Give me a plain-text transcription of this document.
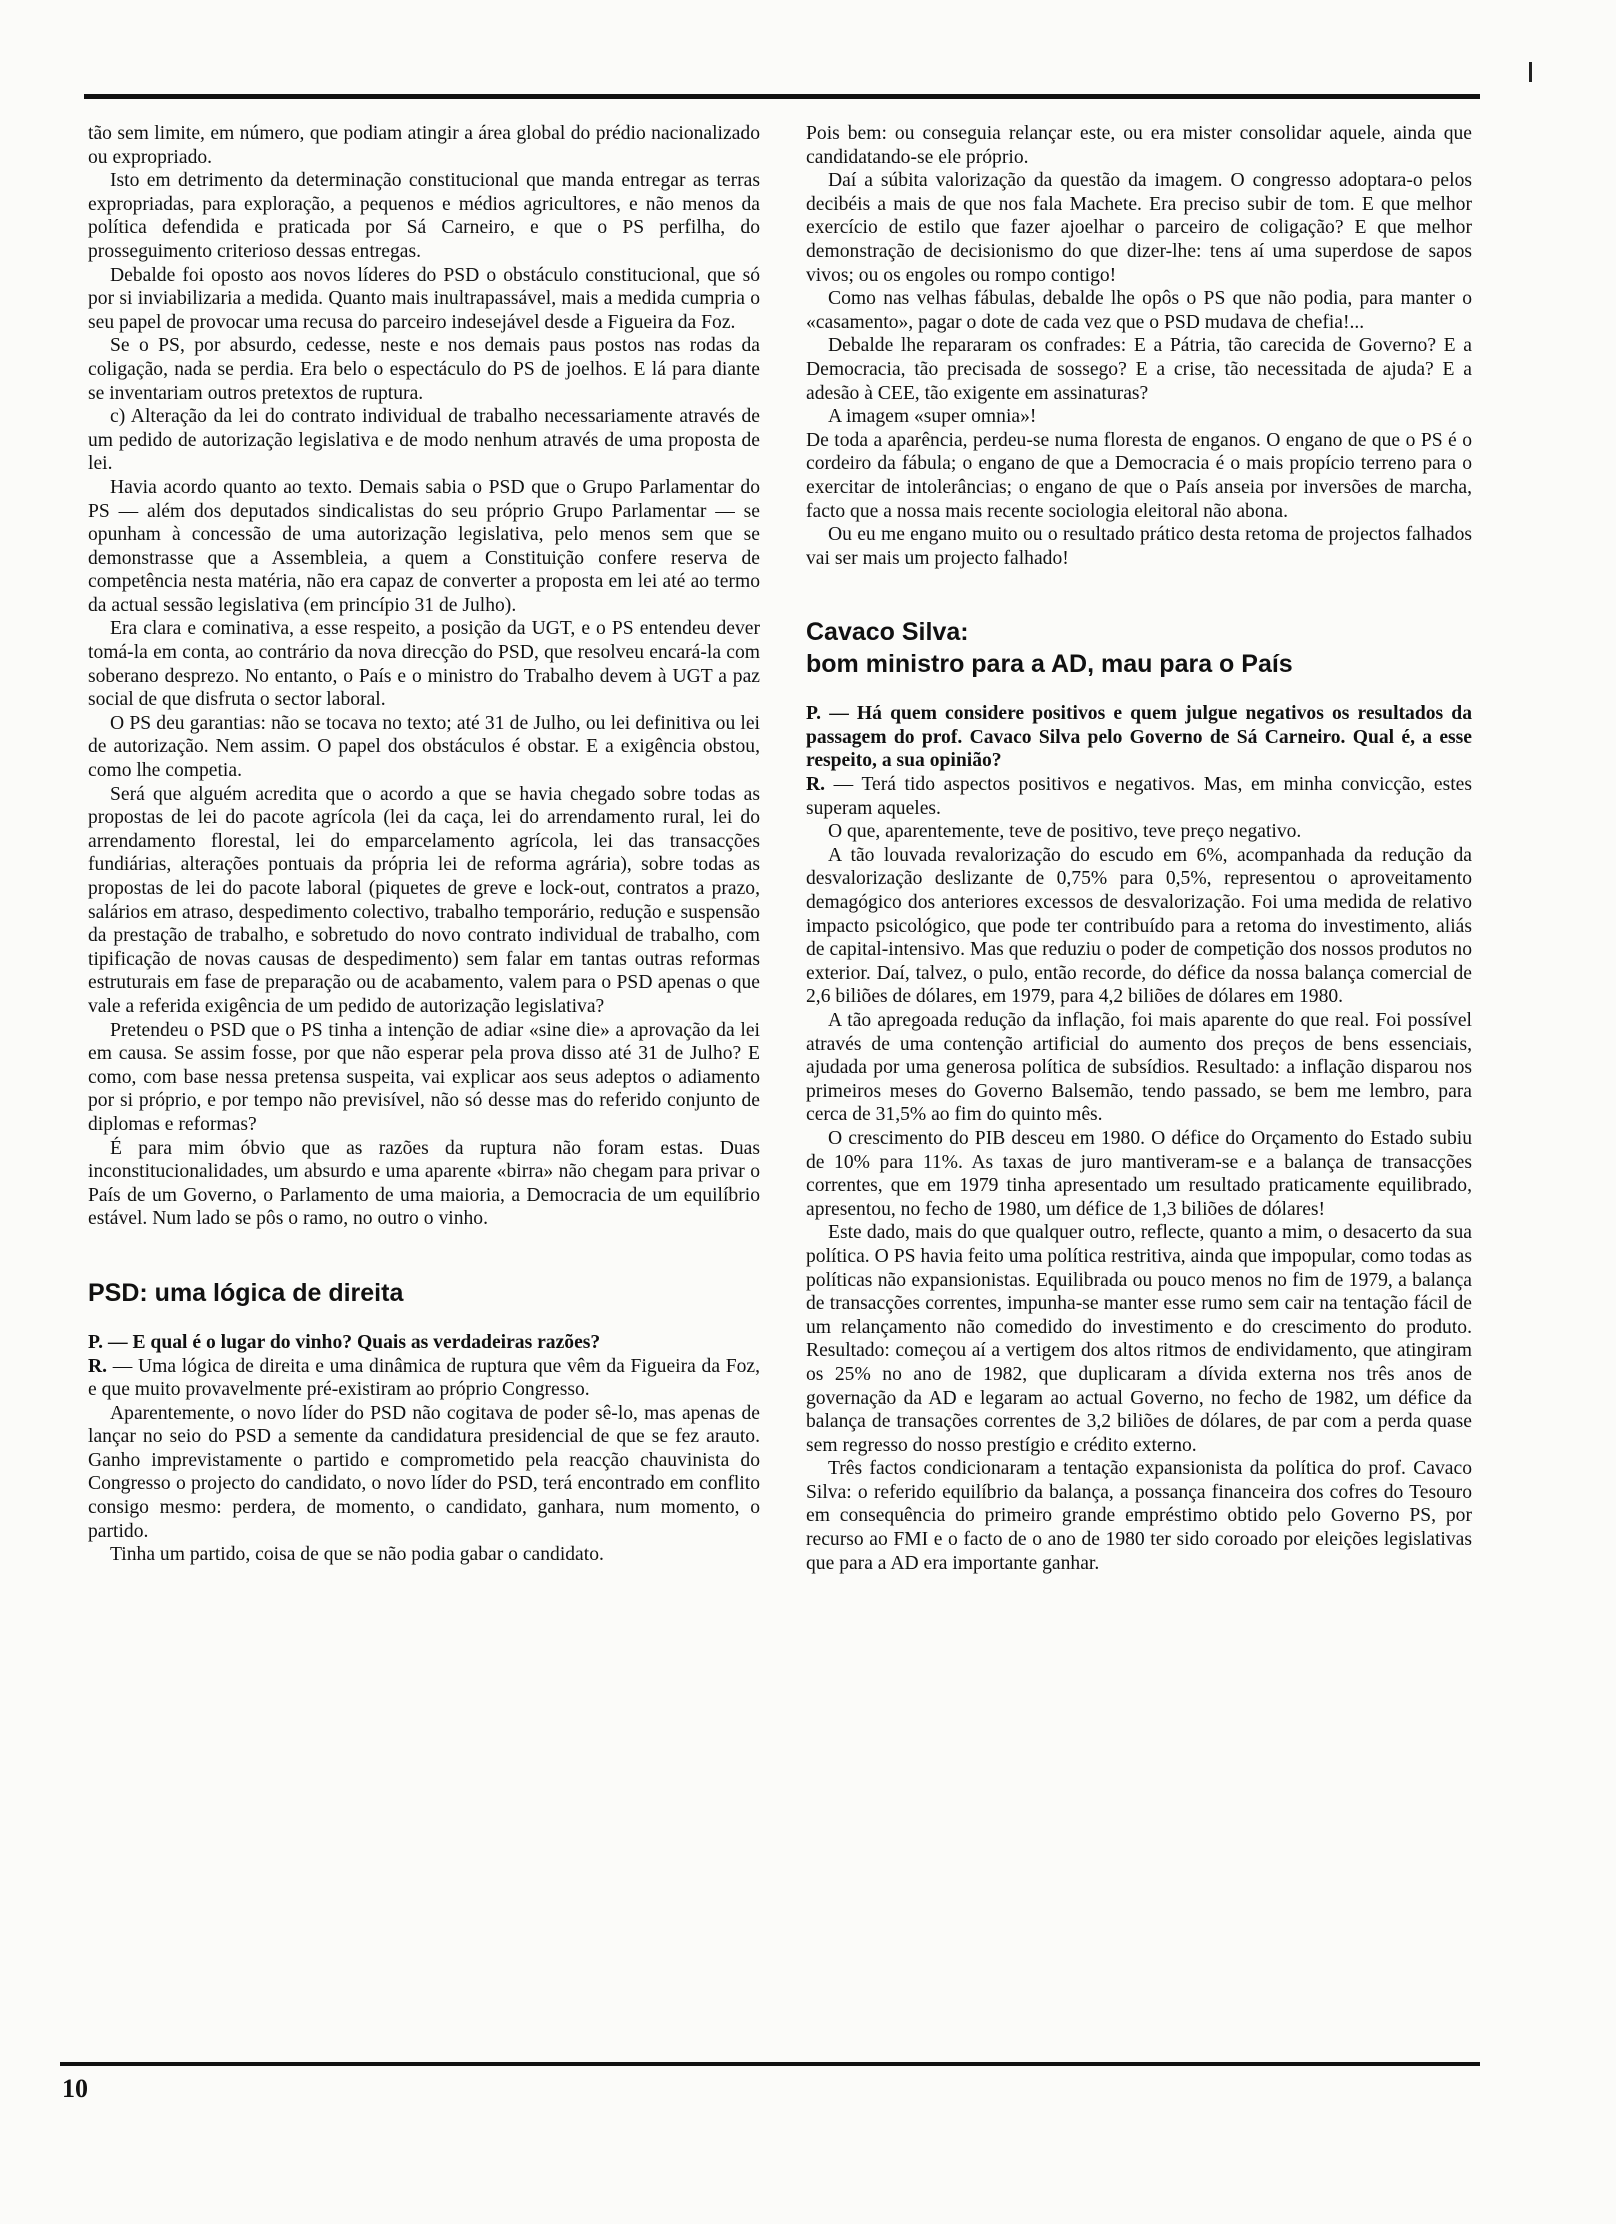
tão sem limite, em número, que podiam atingir a área global do prédio nacionalizado ou expropriado.

Isto em detrimento da determinação constitucional que manda entregar as terras expropriadas, para exploração, a pequenos e médios agricultores, e não menos da política defendida e praticada por Sá Carneiro, e que o PS perfilha, do prosseguimento criterioso dessas entregas.

Debalde foi oposto aos novos líderes do PSD o obstáculo constitucional, que só por si inviabilizaria a medida. Quanto mais inultrapassável, mais a medida cumpria o seu papel de provocar uma recusa do parceiro indesejável desde a Figueira da Foz.

Se o PS, por absurdo, cedesse, neste e nos demais paus postos nas rodas da coligação, nada se perdia. Era belo o espectáculo do PS de joelhos. E lá para diante se inventariam outros pretextos de ruptura.

c) Alteração da lei do contrato individual de trabalho necessariamente através de um pedido de autorização legislativa e de modo nenhum através de uma proposta de lei.

Havia acordo quanto ao texto. Demais sabia o PSD que o Grupo Parlamentar do PS — além dos deputados sindicalistas do seu próprio Grupo Parlamentar — se opunham à concessão de uma autorização legislativa, pelo menos sem que se demonstrasse que a Assembleia, a quem a Constituição confere reserva de competência nesta matéria, não era capaz de converter a proposta em lei até ao termo da actual sessão legislativa (em princípio 31 de Julho).

Era clara e cominativa, a esse respeito, a posição da UGT, e o PS entendeu dever tomá-la em conta, ao contrário da nova direcção do PSD, que resolveu encará-la com soberano desprezo. No entanto, o País e o ministro do Trabalho devem à UGT a paz social de que disfruta o sector laboral.

O PS deu garantias: não se tocava no texto; até 31 de Julho, ou lei definitiva ou lei de autorização. Nem assim. O papel dos obstáculos é obstar. E a exigência obstou, como lhe competia.

Será que alguém acredita que o acordo a que se havia chegado sobre todas as propostas de lei do pacote agrícola (lei da caça, lei do arrendamento rural, lei do arrendamento florestal, lei do emparcelamento agrícola, lei das transacções fundiárias, alterações pontuais da própria lei de reforma agrária), sobre todas as propostas de lei do pacote laboral (piquetes de greve e lock-out, contratos a prazo, salários em atraso, despedimento colectivo, trabalho temporário, redução e suspensão da prestação de trabalho, e sobretudo do novo contrato individual de trabalho, com tipificação de novas causas de despedimento) sem falar em tantas outras reformas estruturais em fase de preparação ou de acabamento, valem para o PSD apenas o que vale a referida exigência de um pedido de autorização legislativa?

Pretendeu o PSD que o PS tinha a intenção de adiar «sine die» a aprovação da lei em causa. Se assim fosse, por que não esperar pela prova disso até 31 de Julho? E como, com base nessa pretensa suspeita, vai explicar aos seus adeptos o adiamento por si próprio, e por tempo não previsível, não só desse mas do referido conjunto de diplomas e reformas?

É para mim óbvio que as razões da ruptura não foram estas. Duas inconstitucionalidades, um absurdo e uma aparente «birra» não chegam para privar o País de um Governo, o Parlamento de uma maioria, a Democracia de um equilíbrio estável. Num lado se pôs o ramo, no outro o vinho.

PSD: uma lógica de direita

P. — E qual é o lugar do vinho? Quais as verdadeiras razões?

R. — Uma lógica de direita e uma dinâmica de ruptura que vêm da Figueira da Foz, e que muito provavelmente pré-existiram ao próprio Congresso.

Aparentemente, o novo líder do PSD não cogitava de poder sê-lo, mas apenas de lançar no seio do PSD a semente da candidatura presidencial de que se fez arauto. Ganho imprevistamente o partido e comprometido pela reacção chauvinista do Congresso o projecto do candidato, o novo líder do PSD, terá encontrado em conflito consigo mesmo: perdera, de momento, o candidato, ganhara, num momento, o partido.

Tinha um partido, coisa de que se não podia gabar o candidato.

Pois bem: ou conseguia relançar este, ou era mister consolidar aquele, ainda que candidatando-se ele próprio.

Daí a súbita valorização da questão da imagem. O congresso adoptara-o pelos decibéis a mais de que nos fala Machete. Era preciso subir de tom. E que melhor exercício de estilo que fazer ajoelhar o parceiro de coligação? E que melhor demonstração de decisionismo do que dizer-lhe: tens aí uma superdose de sapos vivos; ou os engoles ou rompo contigo!

Como nas velhas fábulas, debalde lhe opôs o PS que não podia, para manter o «casamento», pagar o dote de cada vez que o PSD mudava de chefia!...

Debalde lhe repararam os confrades: E a Pátria, tão carecida de Governo? E a Democracia, tão precisada de sossego? E a crise, tão necessitada de ajuda? E a adesão à CEE, tão exigente em assinaturas?

A imagem «super omnia»!

De toda a aparência, perdeu-se numa floresta de enganos. O engano de que o PS é o cordeiro da fábula; o engano de que a Democracia é o mais propício terreno para o exercitar de intolerâncias; o engano de que o País anseia por inversões de marcha, facto que a nossa mais recente sociologia eleitoral não abona.

Ou eu me engano muito ou o resultado prático desta retoma de projectos falhados vai ser mais um projecto falhado!

Cavaco Silva:
bom ministro para a AD, mau para o País

P. — Há quem considere positivos e quem julgue negativos os resultados da passagem do prof. Cavaco Silva pelo Governo de Sá Carneiro. Qual é, a esse respeito, a sua opinião?

R. — Terá tido aspectos positivos e negativos. Mas, em minha convicção, estes superam aqueles.

O que, aparentemente, teve de positivo, teve preço negativo.

A tão louvada revalorização do escudo em 6%, acompanhada da redução da desvalorização deslizante de 0,75% para 0,5%, representou o aproveitamento demagógico dos anteriores excessos de desvalorização. Foi uma medida de relativo impacto psicológico, que pode ter contribuído para a retoma do investimento, aliás de capital-intensivo. Mas que reduziu o poder de competição dos nossos produtos no exterior. Daí, talvez, o pulo, então recorde, do défice da nossa balança comercial de 2,6 biliões de dólares, em 1979, para 4,2 biliões de dólares em 1980.

A tão apregoada redução da inflação, foi mais aparente do que real. Foi possível através de uma contenção artificial do aumento dos preços de bens essenciais, ajudada por uma generosa política de subsídios. Resultado: a inflação disparou nos primeiros meses do Governo Balsemão, tendo passado, se bem me lembro, para cerca de 31,5% ao fim do quinto mês.

O crescimento do PIB desceu em 1980. O défice do Orçamento do Estado subiu de 10% para 11%. As taxas de juro mantiveram-se e a balança de transacções correntes, que em 1979 tinha apresentado um resultado praticamente equilibrado, apresentou, no fecho de 1980, um défice de 1,3 biliões de dólares!

Este dado, mais do que qualquer outro, reflecte, quanto a mim, o desacerto da sua política. O PS havia feito uma política restritiva, ainda que impopular, como todas as políticas não expansionistas. Equilibrada ou pouco menos no fim de 1979, a balança de transacções correntes, impunha-se manter esse rumo sem cair na tentação fácil de um relançamento não comedido do investimento e do crescimento do produto. Resultado: começou aí a vertigem dos altos ritmos de endividamento, que atingiram os 25% no ano de 1982, que duplicaram a dívida externa nos três anos de governação da AD e legaram ao actual Governo, no fecho de 1982, um défice da balança de transações correntes de 3,2 biliões de dólares, de par com a perda quase sem regresso do nosso prestígio e crédito externo.

Três factos condicionaram a tentação expansionista da política do prof. Cavaco Silva: o referido equilíbrio da balança, a possança financeira dos cofres do Tesouro em consequência do primeiro grande empréstimo obtido pelo Governo PS, por recurso ao FMI e o facto de o ano de 1980 ter sido coroado por eleições legislativas que para a AD era importante ganhar.

10
